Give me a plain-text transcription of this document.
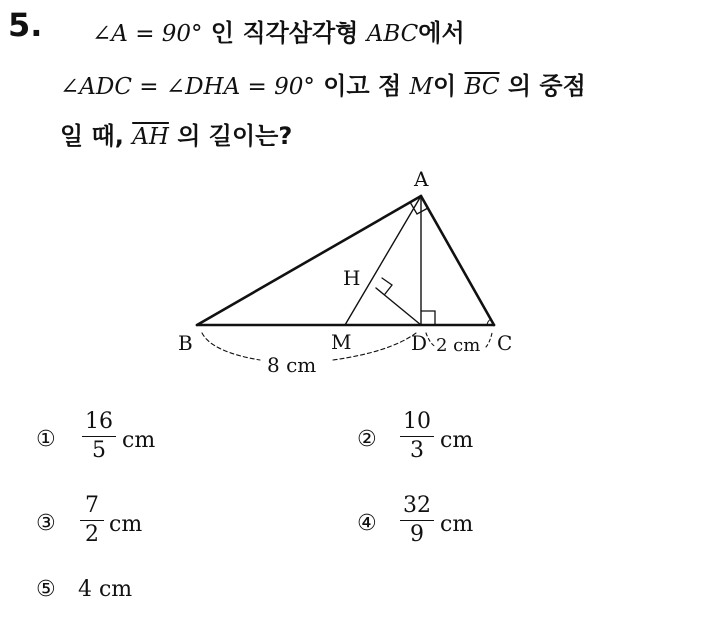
5. ∠A = 90° 인 직각삼각형 ABC에서
∠ADC = ∠DHA = 90° 이고 점 M이 $\overline{BC}$ 의 중점
일 때, $\overline{AH}$ 의 길이는?
A
B	C
D
H
M
8 cm
2 cm
①
16
5 cm	②
10
3 cm
③
7
2 cm	④
32
9 cm
⑤ 4 cm
